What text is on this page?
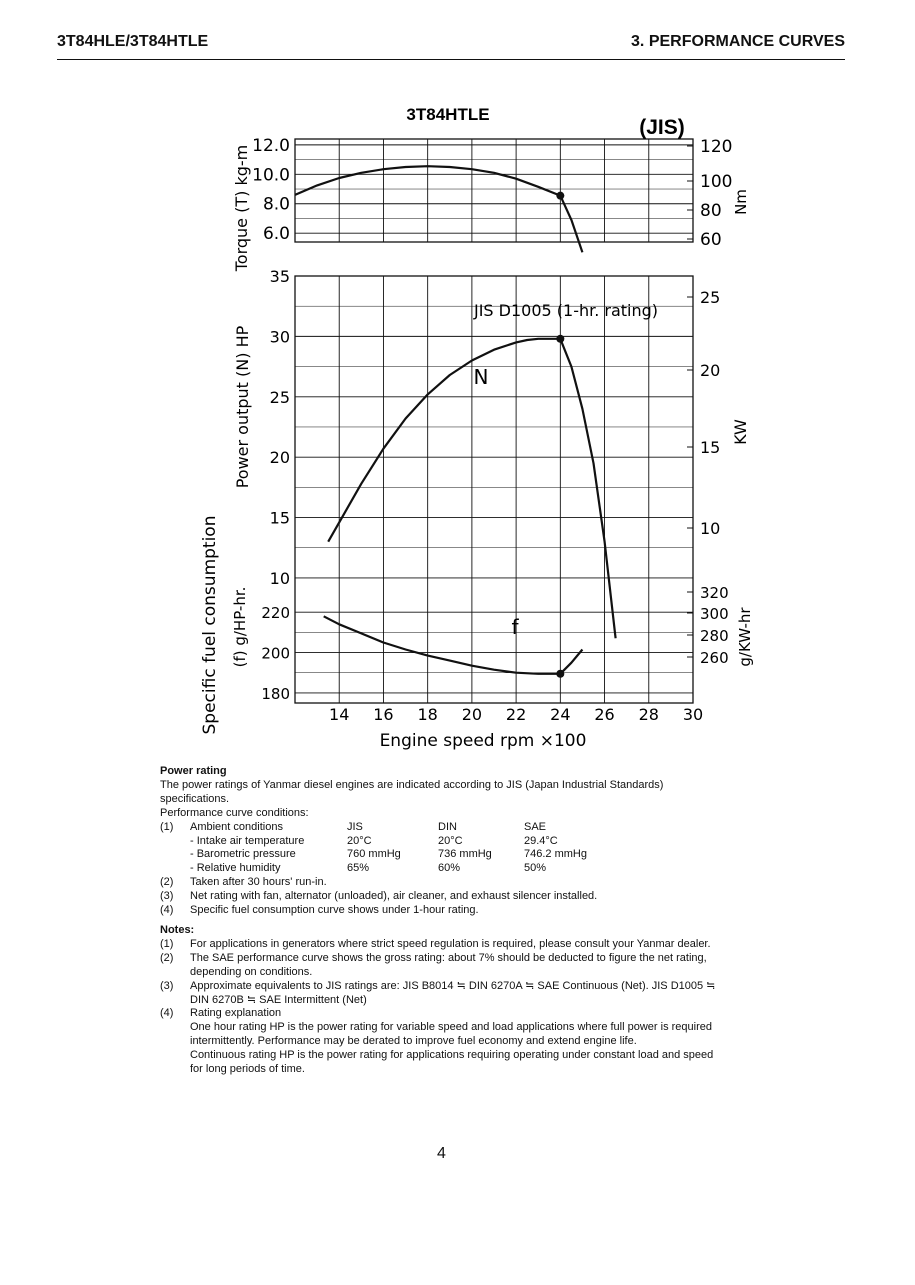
3T84HLE/3T84HTLE	3. PERFORMANCE CURVES
12.0
10.0
8.0
6.0
35
30
25
20
15
10
220
200
180
120
100
80
60
25
20
15
10
320
300
280
260
14 16 18 20 22 24 26 28 30
Engine speed rpm ×100
3T84HTLE
(JIS)
Torque (T) kg-m
Power output (N) HP
Specific fuel consumption (f) g/HP-hr.
Nm
KW
g/KW-hr
JIS D1005 (1-hr. rating)
N
f
Power rating
The power ratings of Yanmar diesel engines are indicated according to JIS (Japan Industrial Standards) specifications.
Performance curve conditions:
(1)	Ambient conditions	JIS	DIN	SAE
- Intake air temperature	20°C	20°C	29.4°C
- Barometric pressure	760 mmHg	736 mmHg	746.2 mmHg
- Relative humidity	65%	60%	50%
(2)	Taken after 30 hours' run-in.
(3)	Net rating with fan, alternator (unloaded), air cleaner, and exhaust silencer installed.
(4)	Specific fuel consumption curve shows under 1-hour rating.
Notes:
(1)	For applications in generators where strict speed regulation is required, please consult your Yanmar dealer.
(2)	The SAE performance curve shows the gross rating: about 7% should be deducted to figure the net rating, depending on conditions.
(3)	Approximate equivalents to JIS ratings are: JIS B8014 ≒ DIN 6270A ≒ SAE Continuous (Net). JIS D1005 ≒ DIN 6270B ≒ SAE Intermittent (Net)
(4)	Rating explanation
One hour rating HP is the power rating for variable speed and load applications where full power is required intermittently. Performance may be derated to improve fuel economy and extend engine life.
Continuous rating HP is the power rating for applications requiring operating under constant load and speed for long periods of time.
4
